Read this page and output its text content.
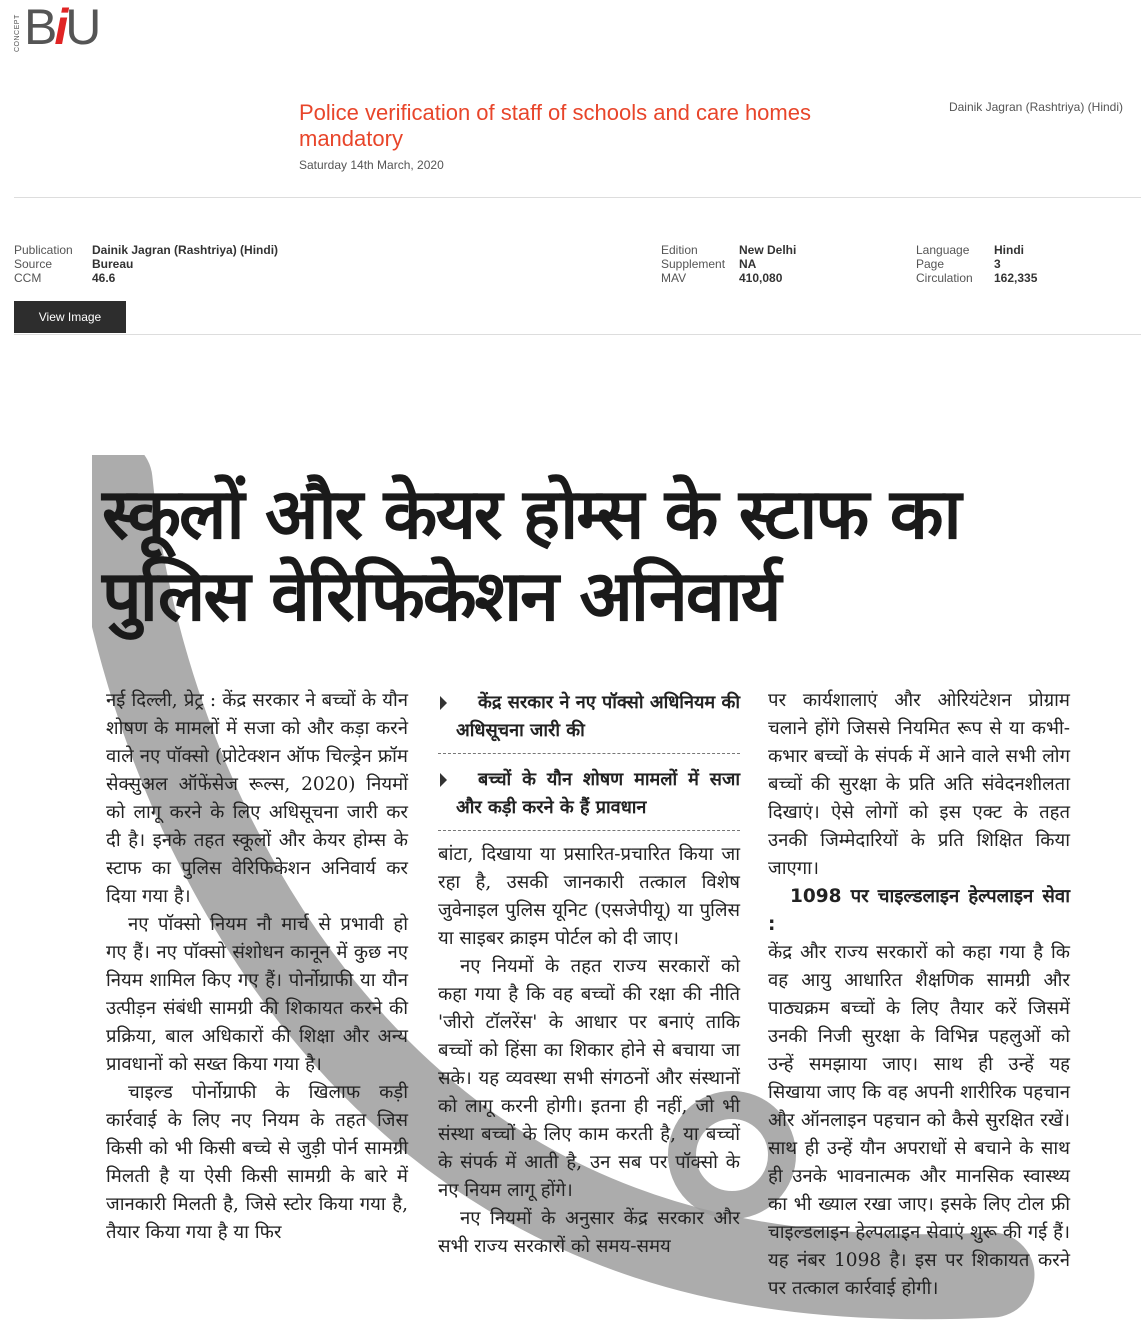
CONCEPT BiU
Police verification of staff of schools and care homes mandatory
Saturday 14th March, 2020
Dainik Jagran (Rashtriya) (Hindi)
Publication	Dainik Jagran (Rashtriya) (Hindi)
Source	Bureau
CCM	46.6
Edition	New Delhi
Supplement	NA
MAV	410,080
Language	Hindi
Page	3
Circulation	162,335
View Image
स्कूलों और केयर होम्स के स्टाफ का
पुलिस वेरिफिकेशन अनिवार्य

नई दिल्ली, प्रेट्र : केंद्र सरकार ने बच्चों के यौन शोषण के मामलों में सजा को और कड़ा करने वाले नए पॉक्सो (प्रोटेक्शन ऑफ चिल्ड्रेन फ्रॉम सेक्सुअल ऑफेंसेज रूल्स, 2020) नियमों को लागू करने के लिए अधिसूचना जारी कर दी है। इनके तहत स्कूलों और केयर होम्स के स्टाफ का पुलिस वेरिफिकेशन अनिवार्य कर दिया गया है।

नए पॉक्सो नियम नौ मार्च से प्रभावी हो गए हैं। नए पॉक्सो संशोधन कानून में कुछ नए नियम शामिल किए गए हैं। पोर्नोग्राफी या यौन उत्पीड़न संबंधी सामग्री की शिकायत करने की प्रक्रिया, बाल अधिकारों की शिक्षा और अन्य प्रावधानों को सख्त किया गया है।

चाइल्ड पोर्नोग्राफी के खिलाफ कड़ी कार्रवाई के लिए नए नियम के तहत जिस किसी को भी किसी बच्चे से जुड़ी पोर्न सामग्री मिलती है या ऐसी किसी सामग्री के बारे में जानकारी मिलती है, जिसे स्टोर किया गया है, तैयार किया गया है या फिर

केंद्र सरकार ने नए पॉक्सो अधिनियम की अधिसूचना जारी की

बच्चों के यौन शोषण मामलों में सजा और कड़ी करने के हैं प्रावधान

बांटा, दिखाया या प्रसारित-प्रचारित किया जा रहा है, उसकी जानकारी तत्काल विशेष जुवेनाइल पुलिस यूनिट (एसजेपीयू) या पुलिस या साइबर क्राइम पोर्टल को दी जाए।

नए नियमों के तहत राज्य सरकारों को कहा गया है कि वह बच्चों की रक्षा की नीति 'जीरो टॉलरेंस' के आधार पर बनाएं ताकि बच्चों को हिंसा का शिकार होने से बचाया जा सके। यह व्यवस्था सभी संगठनों और संस्थानों को लागू करनी होगी। इतना ही नहीं, जो भी संस्था बच्चों के लिए काम करती है, या बच्चों के संपर्क में आती है, उन सब पर पॉक्सो के नए नियम लागू होंगे।

नए नियमों के अनुसार केंद्र सरकार और सभी राज्य सरकारों को समय-समय

पर कार्यशालाएं और ओरियंटेशन प्रोग्राम चलाने होंगे जिससे नियमित रूप से या कभी-कभार बच्चों के संपर्क में आने वाले सभी लोग बच्चों की सुरक्षा के प्रति अति संवेदनशीलता दिखाएं। ऐसे लोगों को इस एक्ट के तहत उनकी जिम्मेदारियों के प्रति शिक्षित किया जाएगा।

1098 पर चाइल्डलाइन हेल्पलाइन सेवा :

केंद्र और राज्य सरकारों को कहा गया है कि वह आयु आधारित शैक्षणिक सामग्री और पाठ्यक्रम बच्चों के लिए तैयार करें जिसमें उनकी निजी सुरक्षा के विभिन्न पहलुओं को उन्हें समझाया जाए। साथ ही उन्हें यह सिखाया जाए कि वह अपनी शारीरिक पहचान और ऑनलाइन पहचान को कैसे सुरक्षित रखें। साथ ही उन्हें यौन अपराधों से बचाने के साथ ही उनके भावनात्मक और मानसिक स्वास्थ्य का भी ख्याल रखा जाए। इसके लिए टोल फ्री चाइल्डलाइन हेल्पलाइन सेवाएं शुरू की गई हैं। यह नंबर 1098 है। इस पर शिकायत करने पर तत्काल कार्रवाई होगी।
